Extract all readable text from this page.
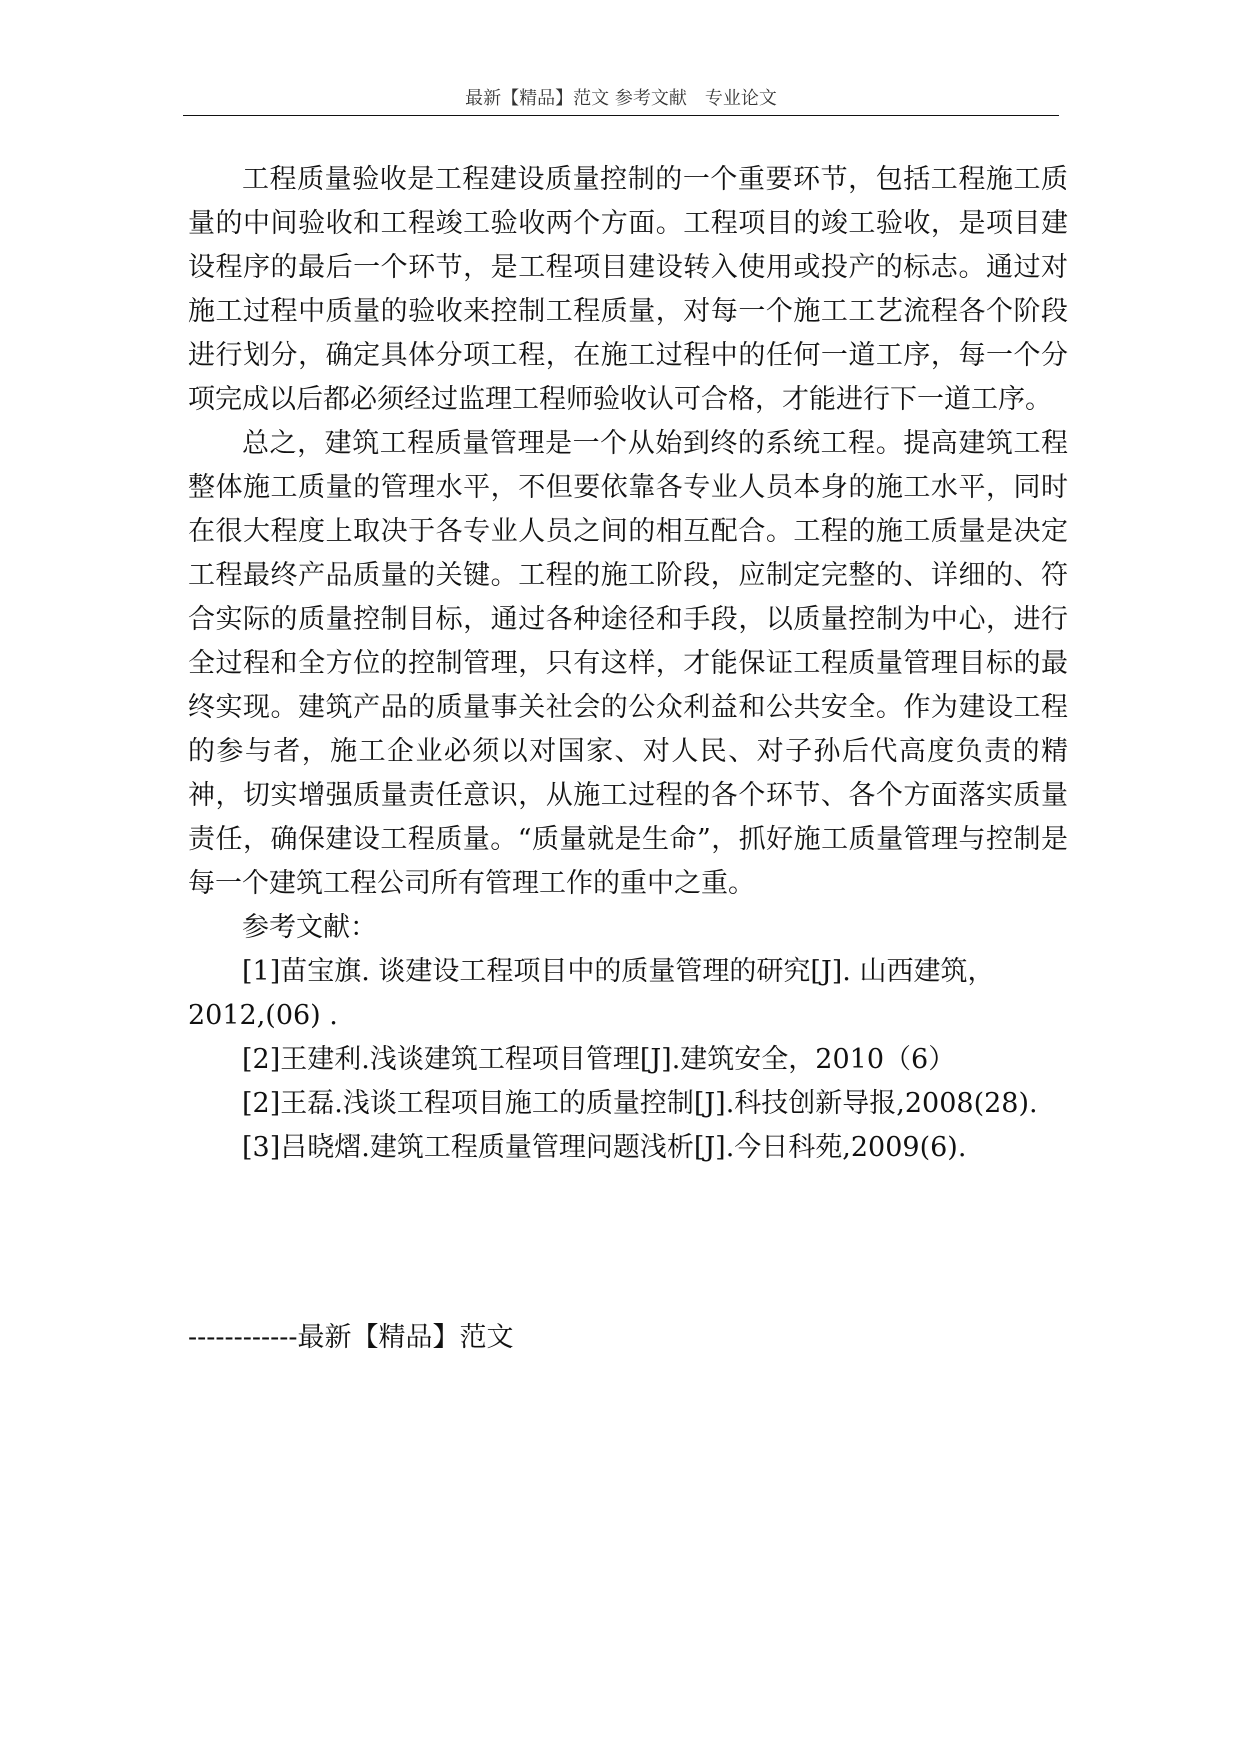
最新【精品】范文 参考文献　专业论文

工程质量验收是工程建设质量控制的一个重要环节，包括工程施工质量的中间验收和工程竣工验收两个方面。工程项目的竣工验收，是项目建设程序的最后一个环节，是工程项目建设转入使用或投产的标志。通过对施工过程中质量的验收来控制工程质量，对每一个施工工艺流程各个阶段进行划分，确定具体分项工程，在施工过程中的任何一道工序，每一个分项完成以后都必须经过监理工程师验收认可合格，才能进行下一道工序。

总之，建筑工程质量管理是一个从始到终的系统工程。提高建筑工程整体施工质量的管理水平，不但要依靠各专业人员本身的施工水平，同时在很大程度上取决于各专业人员之间的相互配合。工程的施工质量是决定工程最终产品质量的关键。工程的施工阶段，应制定完整的、详细的、符合实际的质量控制目标，通过各种途径和手段，以质量控制为中心，进行全过程和全方位的控制管理，只有这样，才能保证工程质量管理目标的最终实现。建筑产品的质量事关社会的公众利益和公共安全。作为建设工程的参与者，施工企业必须以对国家、对人民、对子孙后代高度负责的精神，切实增强质量责任意识，从施工过程的各个环节、各个方面落实质量责任，确保建设工程质量。“质量就是生命”，抓好施工质量管理与控制是每一个建筑工程公司所有管理工作的重中之重。

参考文献：

[1]苗宝旗. 谈建设工程项目中的质量管理的研究[J]. 山西建筑，2012,(06) .

[2]王建利.浅谈建筑工程项目管理[J].建筑安全，2010（6）

[2]王磊.浅谈工程项目施工的质量控制[J].科技创新导报,2008(28).

[3]吕晓熠.建筑工程质量管理问题浅析[J].今日科苑,2009(6).

------------最新【精品】范文
